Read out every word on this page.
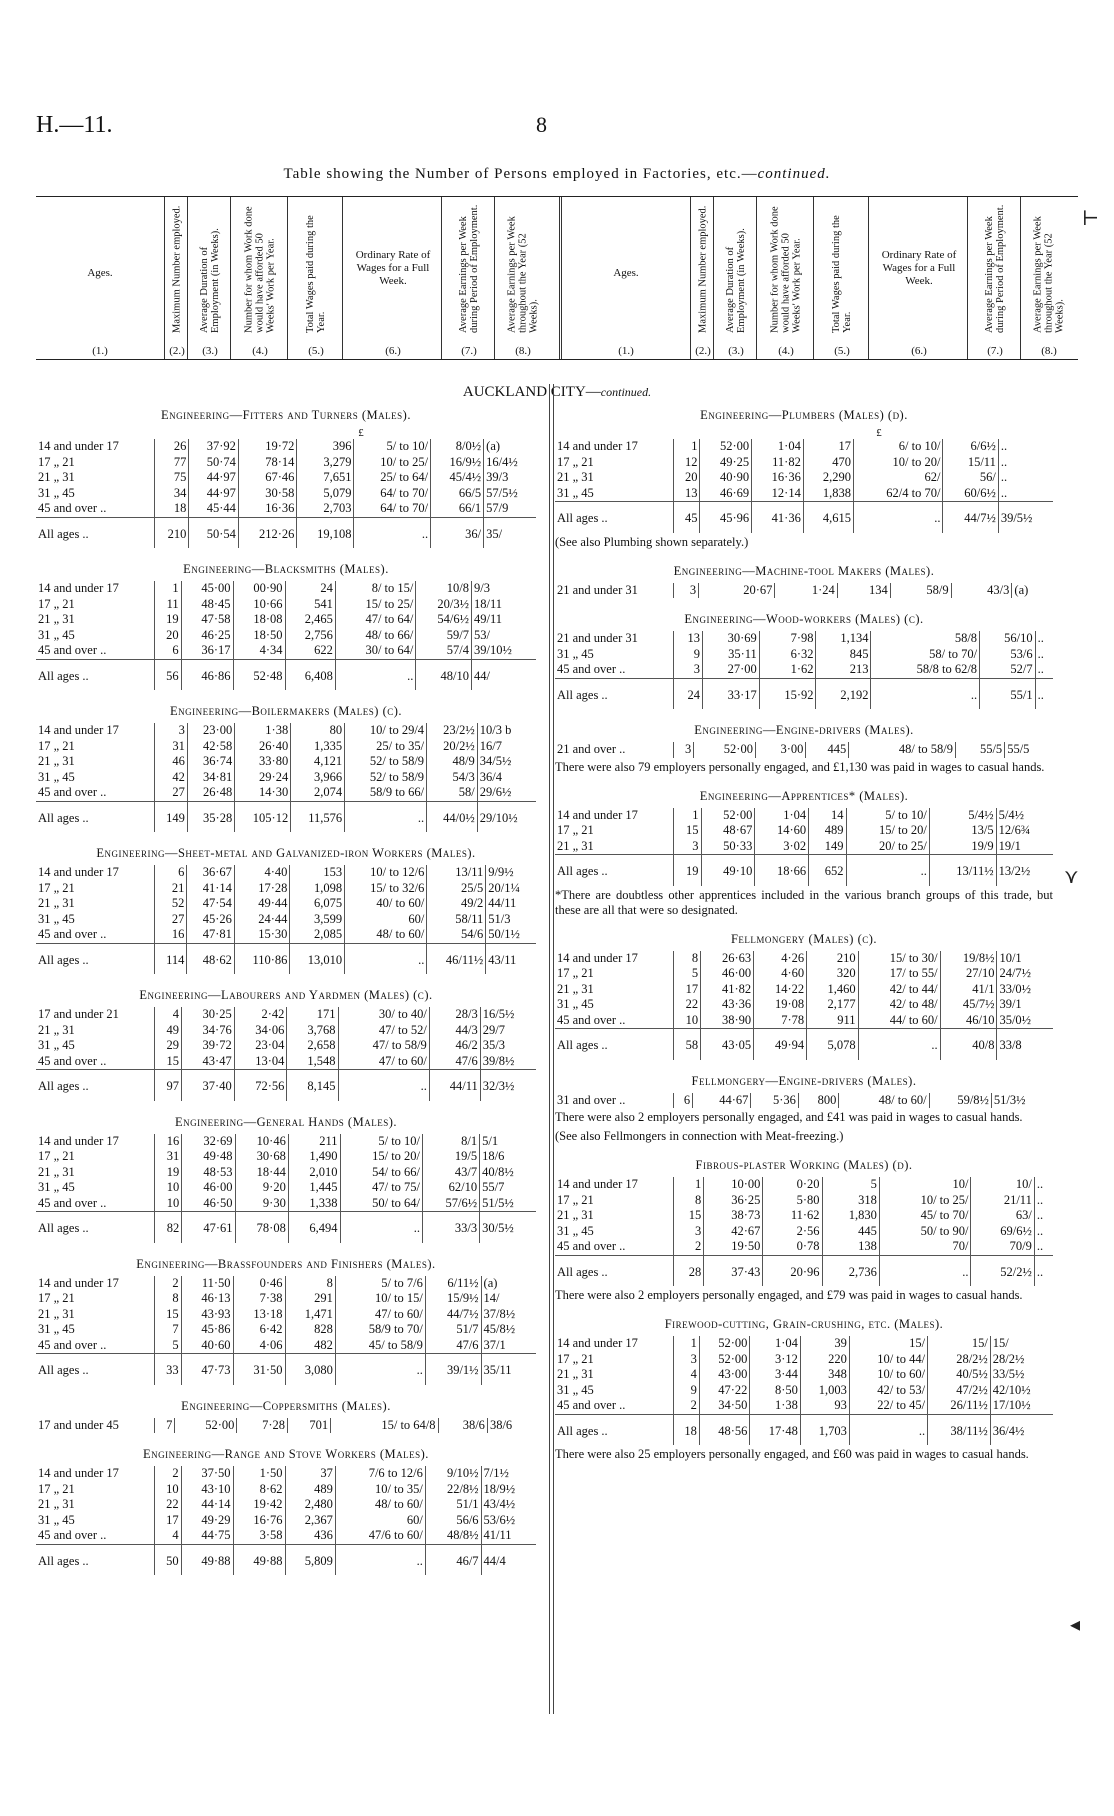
H.—11.	8
Table showing the Number of Persons employed in Factories, etc.—continued.
Ages.
(1.)
Maximum Number employed.
(2.)
Average Duration of Employment (in Weeks).
(3.)
Number for whom Work done would have afforded 50 Weeks' Work per Year.
(4.)
Total Wages paid during the Year.
(5.)
Ordinary Rate of Wages for a Full Week.
(6.)
Average Earnings per Week during Period of Employment.
(7.)
Average Earnings per Week throughout the Year (52 Weeks).
(8.)
Ages.
(1.)
Maximum Number employed.
(2.)
Average Duration of Employment (in Weeks).
(3.)
Number for whom Work done would have afforded 50 Weeks' Work per Year.
(4.)
Total Wages paid during the Year.
(5.)
Ordinary Rate of Wages for a Full Week.
(6.)
Average Earnings per Week during Period of Employment.
(7.)
Average Earnings per Week throughout the Year (52 Weeks).
(8.)
AUCKLAND CITY—continued.
Engineering—Fitters and Turners (Males).
£
14 and under 17	26	37·92	19·72	396	5/ to 10/	8/0½	(a)
17 „ 21	77	50·74	78·14	3,279	10/ to 25/	16/9½	16/4½
21 „ 31	75	44·97	67·46	7,651	25/ to 64/	45/4½	39/3
31 „ 45	34	44·97	30·58	5,079	64/ to 70/	66/5	57/5½
45 and over ..	18	45·44	16·36	2,703	64/ to 70/	66/1	57/9
All ages ..	210	50·54	212·26	19,108	..	36/	35/
Engineering—Blacksmiths (Males).
14 and under 17	1	45·00	00·90	24	8/ to 15/	10/8	9/3
17 „ 21	11	48·45	10·66	541	15/ to 25/	20/3½	18/11
21 „ 31	19	47·58	18·08	2,465	47/ to 64/	54/6½	49/11
31 „ 45	20	46·25	18·50	2,756	48/ to 66/	59/7	53/
45 and over ..	6	36·17	4·34	622	30/ to 64/	57/4	39/10½
All ages ..	56	46·86	52·48	6,408	..	48/10	44/
Engineering—Boilermakers (Males) (c).
14 and under 17	3	23·00	1·38	80	10/ to 29/4	23/2½	10/3 b
17 „ 21	31	42·58	26·40	1,335	25/ to 35/	20/2½	16/7
21 „ 31	46	36·74	33·80	4,121	52/ to 58/9	48/9	34/5½
31 „ 45	42	34·81	29·24	3,966	52/ to 58/9	54/3	36/4
45 and over ..	27	26·48	14·30	2,074	58/9 to 66/	58/	29/6½
All ages ..	149	35·28	105·12	11,576	..	44/0½	29/10½
Engineering—Sheet-metal and Galvanized-iron Workers (Males).
14 and under 17	6	36·67	4·40	153	10/ to 12/6	13/11	9/9½
17 „ 21	21	41·14	17·28	1,098	15/ to 32/6	25/5	20/1¼
21 „ 31	52	47·54	49·44	6,075	40/ to 60/	49/2	44/11
31 „ 45	27	45·26	24·44	3,599	60/	58/11	51/3
45 and over ..	16	47·81	15·30	2,085	48/ to 60/	54/6	50/1½
All ages ..	114	48·62	110·86	13,010	..	46/11½	43/11
Engineering—Labourers and Yardmen (Males) (c).
17 and under 21	4	30·25	2·42	171	30/ to 40/	28/3	16/5½
21 „ 31	49	34·76	34·06	3,768	47/ to 52/	44/3	29/7
31 „ 45	29	39·72	23·04	2,658	47/ to 58/9	46/2	35/3
45 and over ..	15	43·47	13·04	1,548	47/ to 60/	47/6	39/8½
All ages ..	97	37·40	72·56	8,145	..	44/11	32/3½
Engineering—General Hands (Males).
14 and under 17	16	32·69	10·46	211	5/ to 10/	8/1	5/1
17 „ 21	31	49·48	30·68	1,490	15/ to 20/	19/5	18/6
21 „ 31	19	48·53	18·44	2,010	54/ to 66/	43/7	40/8½
31 „ 45	10	46·00	9·20	1,445	47/ to 75/	62/10	55/7
45 and over ..	10	46·50	9·30	1,338	50/ to 64/	57/6½	51/5½
All ages ..	82	47·61	78·08	6,494	..	33/3	30/5½
Engineering—Brassfounders and Finishers (Males).
14 and under 17	2	11·50	0·46	8	5/ to 7/6	6/11½	(a)
17 „ 21	8	46·13	7·38	291	10/ to 15/	15/9½	14/
21 „ 31	15	43·93	13·18	1,471	47/ to 60/	44/7½	37/8½
31 „ 45	7	45·86	6·42	828	58/9 to 70/	51/7	45/8½
45 and over ..	5	40·60	4·06	482	45/ to 58/9	47/6	37/1
All ages ..	33	47·73	31·50	3,080	..	39/1½	35/11
Engineering—Coppersmiths (Males).
17 and under 45	7	52·00	7·28	701	15/ to 64/8	38/6	38/6
Engineering—Range and Stove Workers (Males).
14 and under 17	2	37·50	1·50	37	7/6 to 12/6	9/10½	7/1½
17 „ 21	10	43·10	8·62	489	10/ to 35/	22/8½	18/9½
21 „ 31	22	44·14	19·42	2,480	48/ to 60/	51/1	43/4½
31 „ 45	17	49·29	16·76	2,367	60/	56/6	53/6½
45 and over ..	4	44·75	3·58	436	47/6 to 60/	48/8½	41/11
All ages ..	50	49·88	49·88	5,809	..	46/7	44/4
Engineering—Plumbers (Males) (d).
£
14 and under 17	1	52·00	1·04	17	6/ to 10/	6/6½	..
17 „ 21	12	49·25	11·82	470	10/ to 20/	15/11	..
21 „ 31	20	40·90	16·36	2,290	62/	56/	..
31 „ 45	13	46·69	12·14	1,838	62/4 to 70/	60/6½	..
All ages ..	45	45·96	41·36	4,615	..	44/7½	39/5½
(See also Plumbing shown separately.)
Engineering—Machine-tool Makers (Males).
21 and under 31	3	20·67	1·24	134	58/9	43/3	(a)
Engineering—Wood-workers (Males) (c).
21 and under 31	13	30·69	7·98	1,134	58/8	56/10	..
31 „ 45	9	35·11	6·32	845	58/ to 70/	53/6	..
45 and over ..	3	27·00	1·62	213	58/8 to 62/8	52/7	..
All ages ..	24	33·17	15·92	2,192	..	55/1	..
Engineering—Engine-drivers (Males).
21 and over ..	3	52·00	3·00	445	48/ to 58/9	55/5	55/5
There were also 79 employers personally engaged, and £1,130 was paid in wages to casual hands.
Engineering—Apprentices* (Males).
14 and under 17	1	52·00	1·04	14	5/ to 10/	5/4½	5/4½
17 „ 21	15	48·67	14·60	489	15/ to 20/	13/5	12/6¾
21 „ 31	3	50·33	3·02	149	20/ to 25/	19/9	19/1
All ages ..	19	49·10	18·66	652	..	13/11½	13/2½
*There are doubtless other apprentices included in the various branch groups of this trade, but these are all that were so designated.
Fellmongery (Males) (c).
14 and under 17	8	26·63	4·26	210	15/ to 30/	19/8½	10/1
17 „ 21	5	46·00	4·60	320	17/ to 55/	27/10	24/7½
21 „ 31	17	41·82	14·22	1,460	42/ to 44/	41/1	33/0½
31 „ 45	22	43·36	19·08	2,177	42/ to 48/	45/7½	39/1
45 and over ..	10	38·90	7·78	911	44/ to 60/	46/10	35/0½
All ages ..	58	43·05	49·94	5,078	..	40/8	33/8
Fellmongery—Engine-drivers (Males).
31 and over ..	6	44·67	5·36	800	48/ to 60/	59/8½	51/3½
There were also 2 employers personally engaged, and £41 was paid in wages to casual hands.
(See also Fellmongers in connection with Meat-freezing.)
Fibrous-plaster Working (Males) (d).
14 and under 17	1	10·00	0·20	5	10/	10/	..
17 „ 21	8	36·25	5·80	318	10/ to 25/	21/11	..
21 „ 31	15	38·73	11·62	1,830	45/ to 70/	63/	..
31 „ 45	3	42·67	2·56	445	50/ to 90/	69/6½	..
45 and over ..	2	19·50	0·78	138	70/	70/9	..
All ages ..	28	37·43	20·96	2,736	..	52/2½	..
There were also 2 employers personally engaged, and £79 was paid in wages to casual hands.
Firewood-cutting, Grain-crushing, etc. (Males).
14 and under 17	1	52·00	1·04	39	15/	15/	15/
17 „ 21	3	52·00	3·12	220	10/ to 44/	28/2½	28/2½
21 „ 31	4	43·00	3·44	348	10/ to 60/	40/5½	33/5½
31 „ 45	9	47·22	8·50	1,003	42/ to 53/	47/2½	42/10½
45 and over ..	2	34·50	1·38	93	22/ to 45/	26/11½	17/10½
All ages ..	18	48·56	17·48	1,703	..	38/11½	36/4½
There were also 25 employers personally engaged, and £60 was paid in wages to casual hands.
⊢
⋎
◂
